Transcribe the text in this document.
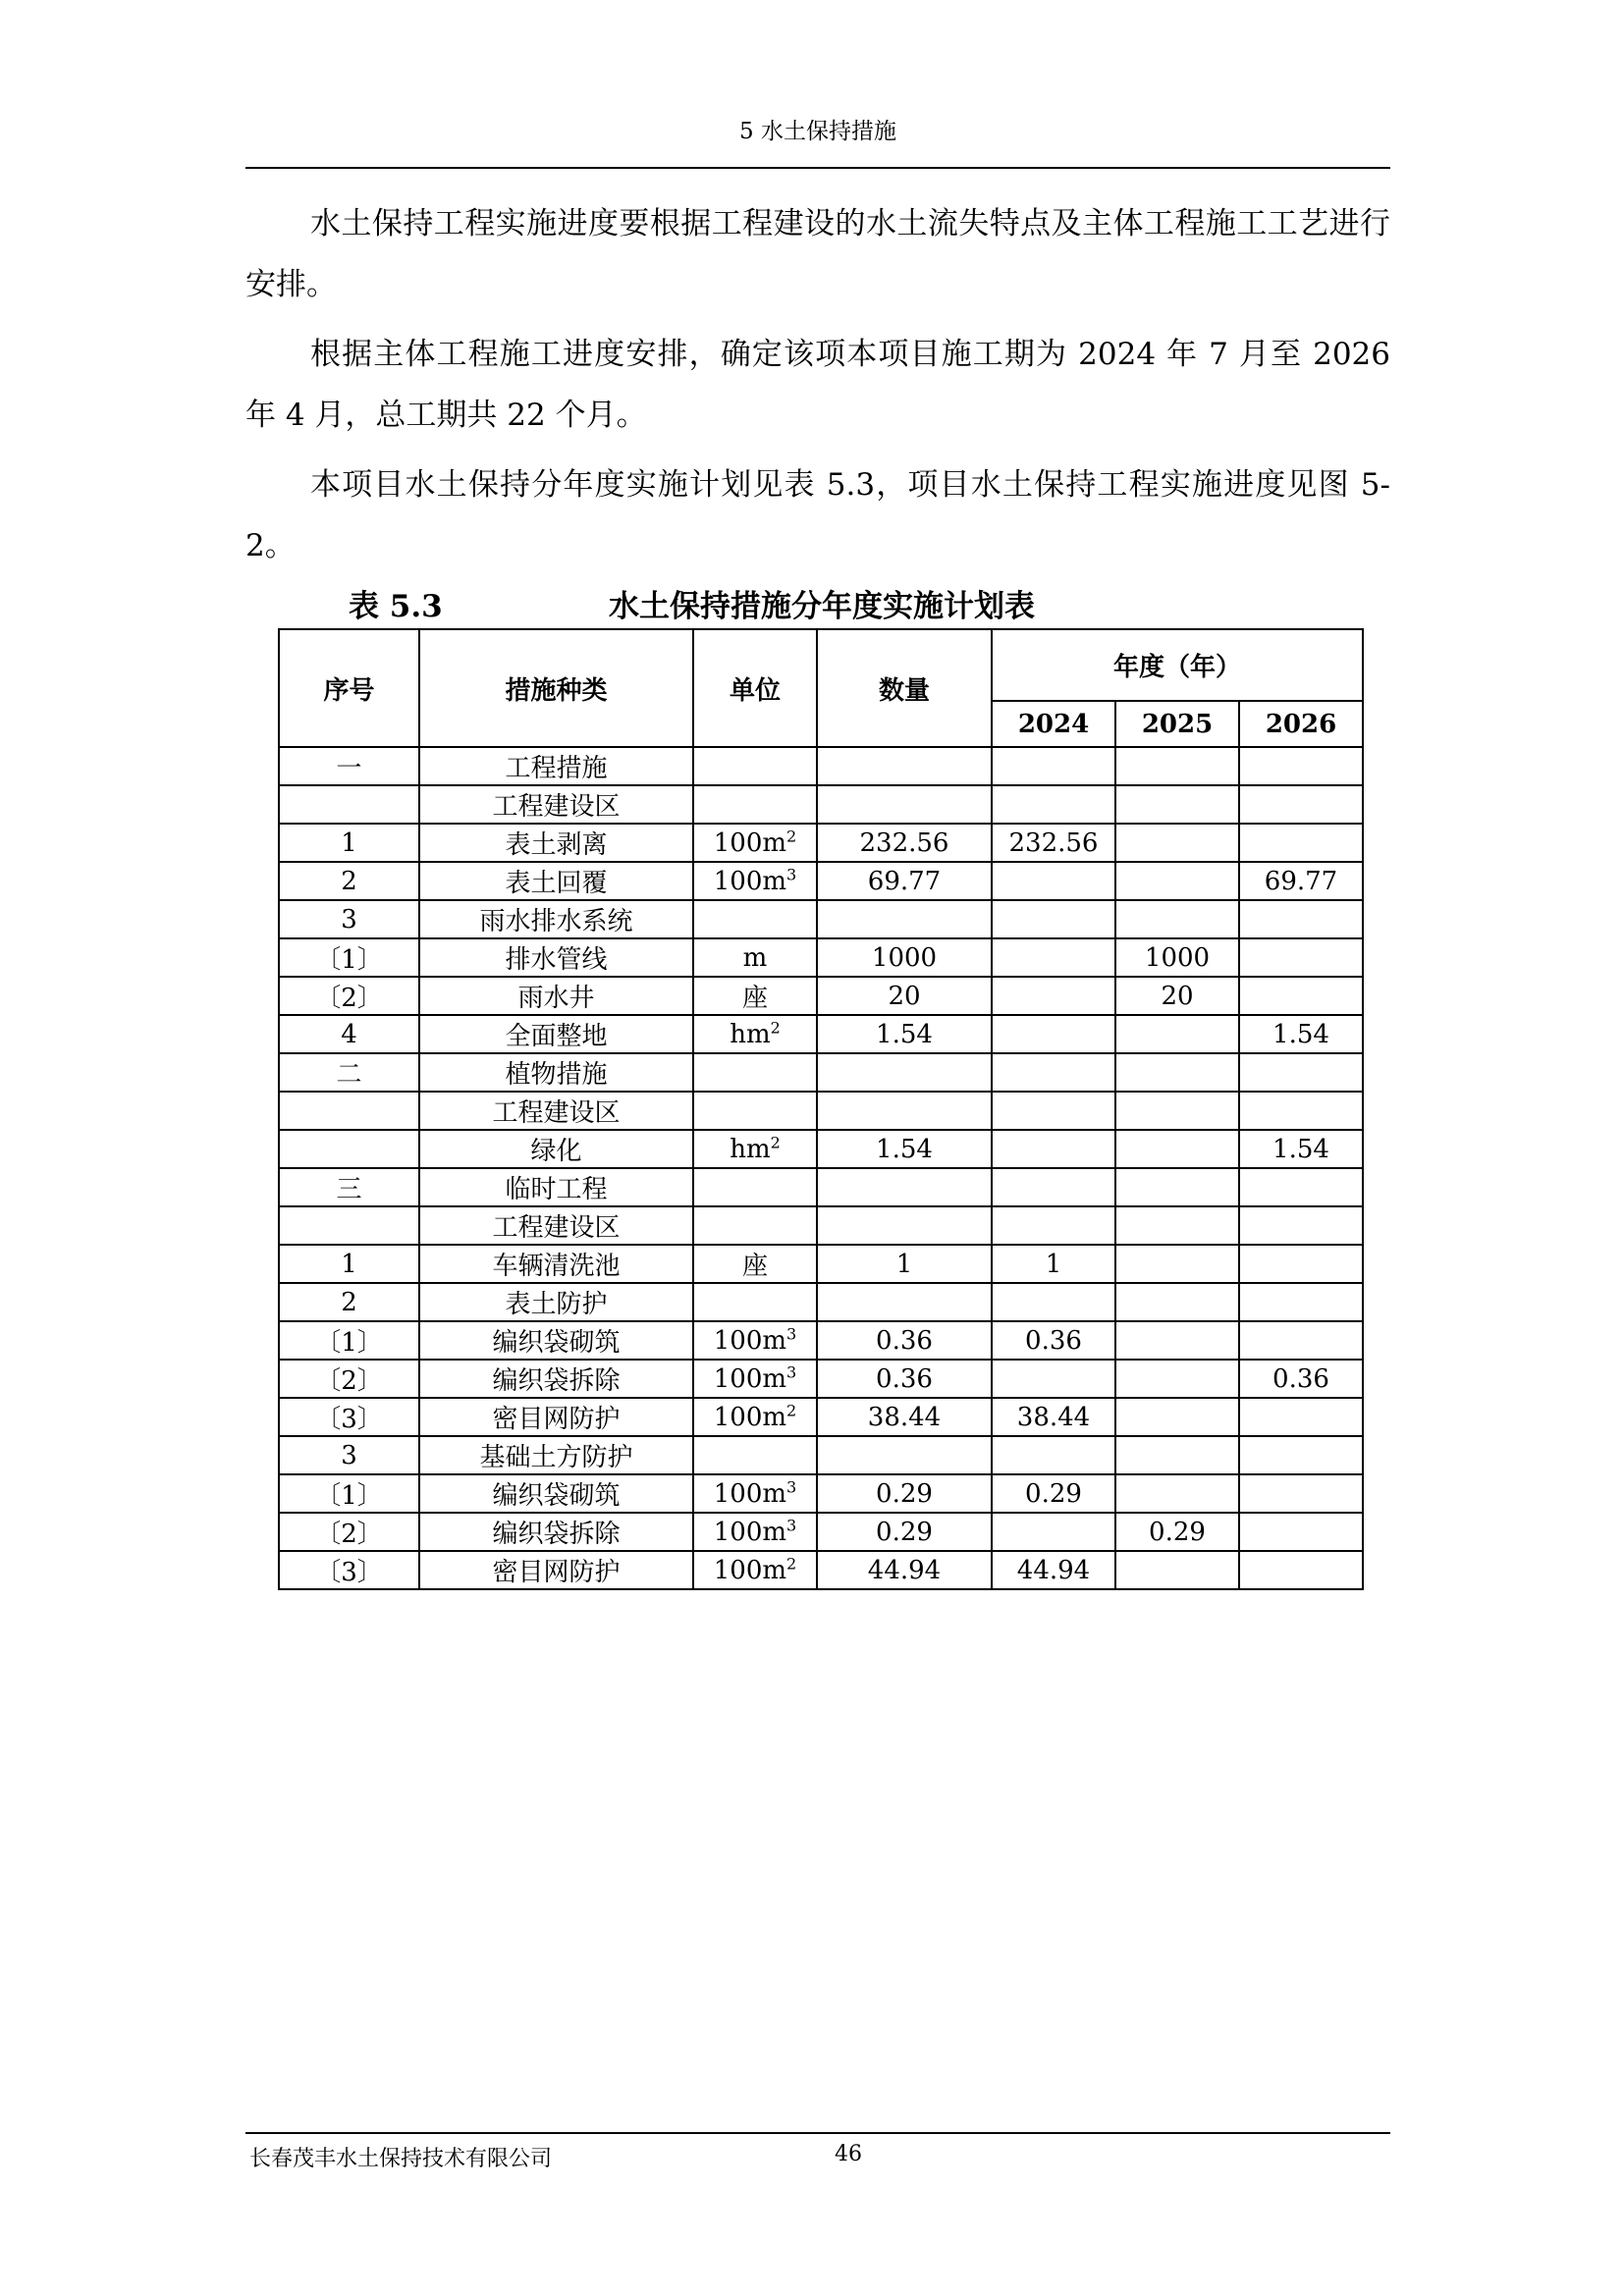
5 水土保持措施
水土保持工程实施进度要根据工程建设的水土流失特点及主体工程施工工艺进行安排。
根据主体工程施工进度安排，确定该项本项目施工期为 2024 年 7 月至 2026 年 4 月，总工期共 22 个月。
本项目水土保持分年度实施计划见表 5.3，项目水土保持工程实施进度见图 5-2。
表 5.3	水土保持措施分年度实施计划表
序号	措施种类	单位	数量	年度（年）		
				2024	2025	2026
一	工程措施					
	工程建设区					
1	表土剥离	$100m^2$	232.56	232.56		
2	表土回覆	$100m^3$	69.77			69.77
3	雨水排水系统					
〔1〕	排水管线	m	1000		1000	
〔2〕	雨水井	座	20		20	
4	全面整地	$hm^2$	1.54			1.54
二	植物措施					
	工程建设区					
	绿化	$hm^2$	1.54			1.54
三	临时工程					
	工程建设区					
1	车辆清洗池	座	1	1		
2	表土防护					
〔1〕	编织袋砌筑	$100m^3$	0.36	0.36		
〔2〕	编织袋拆除	$100m^3$	0.36			0.36
〔3〕	密目网防护	$100m^2$	38.44	38.44		
3	基础土方防护					
〔1〕	编织袋砌筑	$100m^3$	0.29	0.29		
〔2〕	编织袋拆除	$100m^3$	0.29		0.29	
〔3〕	密目网防护	$100m^2$	44.94	44.94		
长春茂丰水土保持技术有限公司	46
